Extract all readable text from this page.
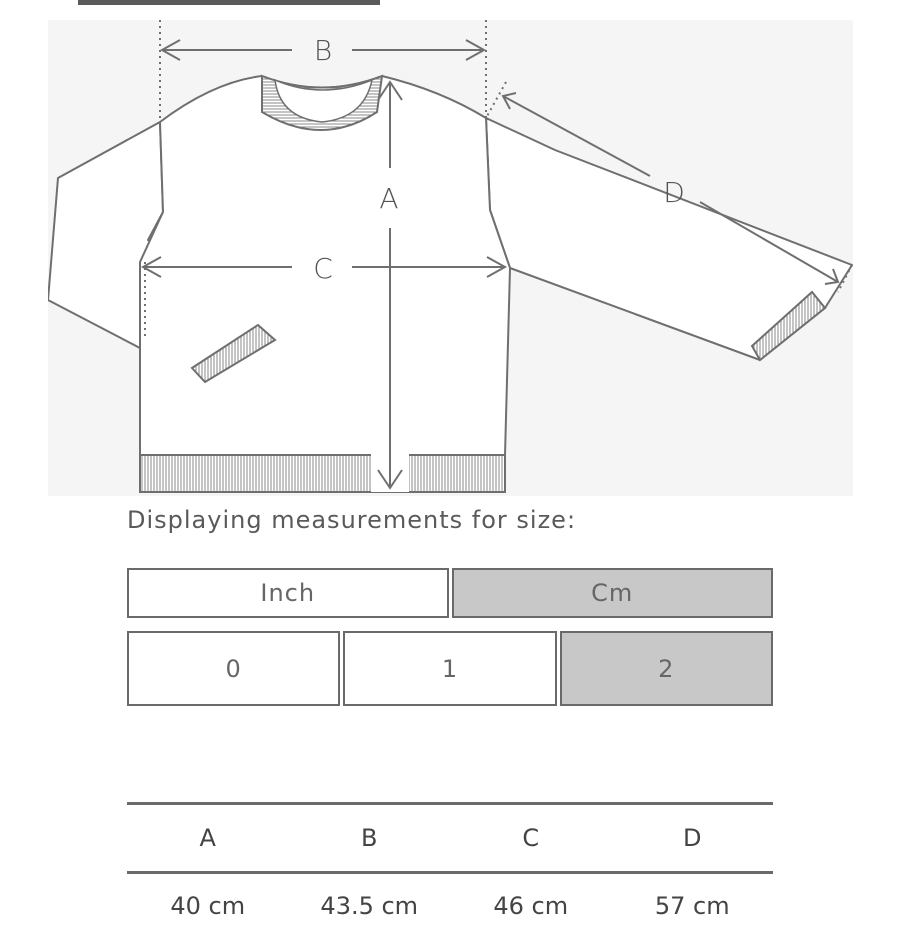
B
A
C
D

Displaying measurements for size:

Inch	Cm
0	1	2
A	B	C	D
40 cm	43.5 cm	46 cm	57 cm
